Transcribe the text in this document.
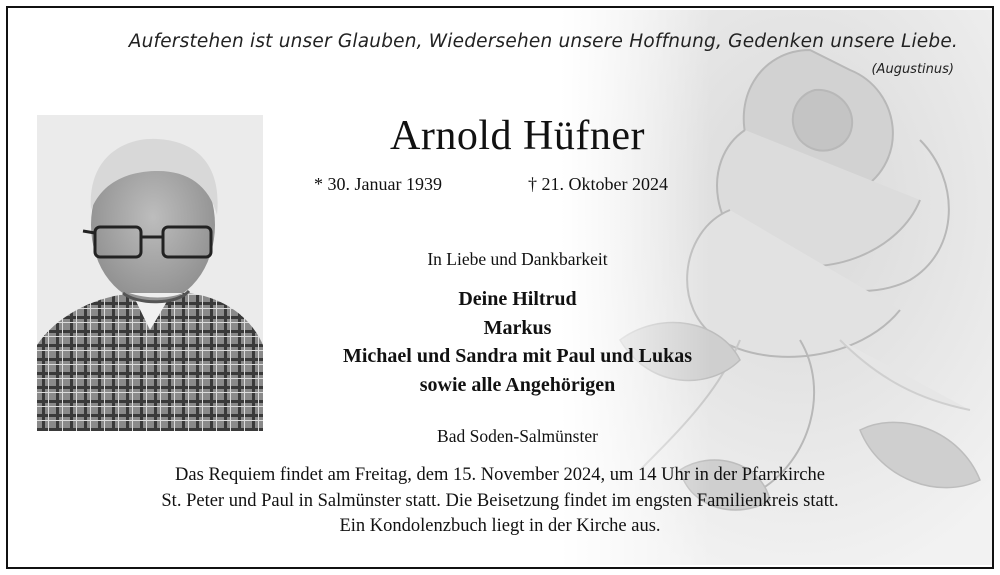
Auferstehen ist unser Glauben, Wiedersehen unsere Hoffnung, Gedenken unsere Liebe.
(Augustinus)
Arnold Hüfner
* 30. Januar 1939	† 21. Oktober 2024
In Liebe und Dankbarkeit
Deine Hiltrud
Markus
Michael und Sandra mit Paul und Lukas
sowie alle Angehörigen
Bad Soden-Salmünster
Das Requiem findet am Freitag, dem 15. November 2024, um 14 Uhr in der Pfarrkirche
St. Peter und Paul in Salmünster statt. Die Beisetzung findet im engsten Familienkreis statt.
Ein Kondolenzbuch liegt in der Kirche aus.
